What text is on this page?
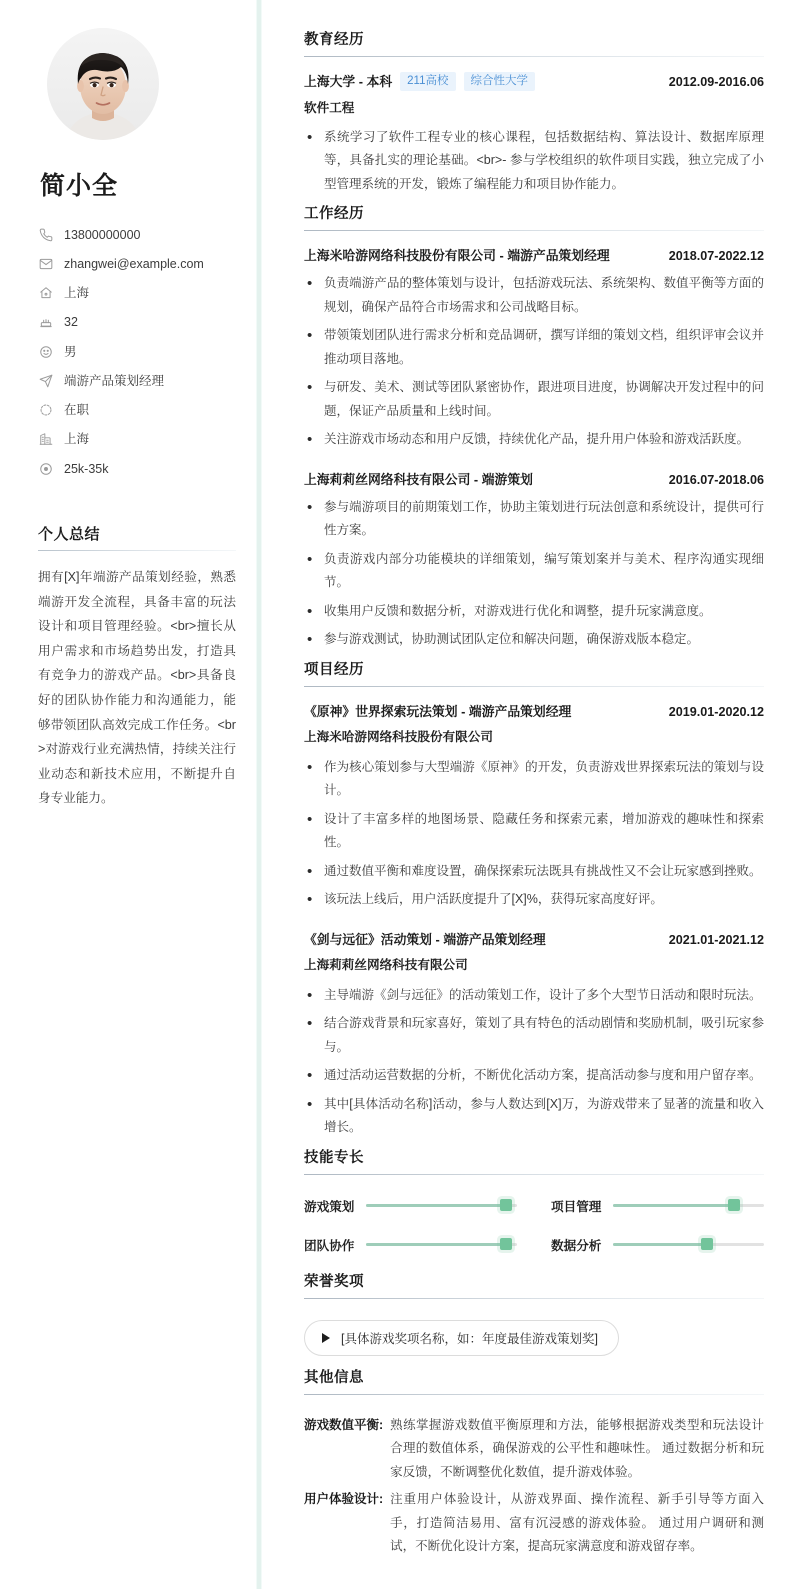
简小全
13800000000
zhangwei@example.com
上海
32
男
端游产品策划经理
在职
上海
25k-35k
个人总结

拥有[X]年端游产品策划经验，熟悉端游开发全流程，具备丰富的玩法设计和项目管理经验。<br>擅长从用户需求和市场趋势出发，打造具有竞争力的游戏产品。<br>具备良好的团队协作能力和沟通能力，能够带领团队高效完成工作任务。<br>对游戏行业充满热情，持续关注行业动态和新技术应用，不断提升自身专业能力。

教育经历
上海大学 - 本科	211高校	综合性大学	2012.09-2016.06
软件工程
• 系统学习了软件工程专业的核心课程，包括数据结构、算法设计、数据库原理等，具备扎实的理论基础。<br>- 参与学校组织的软件项目实践，独立完成了小型管理系统的开发，锻炼了编程能力和项目协作能力。
工作经历
上海米哈游网络科技股份有限公司 - 端游产品策划经理	2018.07-2022.12
• 负责端游产品的整体策划与设计，包括游戏玩法、系统架构、数值平衡等方面的规划，确保产品符合市场需求和公司战略目标。
• 带领策划团队进行需求分析和竞品调研，撰写详细的策划文档，组织评审会议并推动项目落地。
• 与研发、美术、测试等团队紧密协作，跟进项目进度，协调解决开发过程中的问题，保证产品质量和上线时间。
• 关注游戏市场动态和用户反馈，持续优化产品，提升用户体验和游戏活跃度。
上海莉莉丝网络科技有限公司 - 端游策划	2016.07-2018.06
• 参与端游项目的前期策划工作，协助主策划进行玩法创意和系统设计，提供可行性方案。
• 负责游戏内部分功能模块的详细策划，编写策划案并与美术、程序沟通实现细节。
• 收集用户反馈和数据分析，对游戏进行优化和调整，提升玩家满意度。
• 参与游戏测试，协助测试团队定位和解决问题，确保游戏版本稳定。
项目经历
《原神》世界探索玩法策划 - 端游产品策划经理	2019.01-2020.12
上海米哈游网络科技股份有限公司
• 作为核心策划参与大型端游《原神》的开发，负责游戏世界探索玩法的策划与设计。
• 设计了丰富多样的地图场景、隐藏任务和探索元素，增加游戏的趣味性和探索性。
• 通过数值平衡和难度设置，确保探索玩法既具有挑战性又不会让玩家感到挫败。
• 该玩法上线后，用户活跃度提升了[X]%，获得玩家高度好评。
《剑与远征》活动策划 - 端游产品策划经理	2021.01-2021.12
上海莉莉丝网络科技有限公司
• 主导端游《剑与远征》的活动策划工作，设计了多个大型节日活动和限时玩法。
• 结合游戏背景和玩家喜好，策划了具有特色的活动剧情和奖励机制，吸引玩家参与。
• 通过活动运营数据的分析，不断优化活动方案，提高活动参与度和用户留存率。
• 其中[具体活动名称]活动，参与人数达到[X]万，为游戏带来了显著的流量和收入增长。
技能专长
游戏策划	项目管理
团队协作	数据分析
荣誉奖项
[具体游戏奖项名称，如：年度最佳游戏策划奖]
其他信息
游戏数值平衡: 熟练掌握游戏数值平衡原理和方法，能够根据游戏类型和玩法设计合理的数值体系，确保游戏的公平性和趣味性。 通过数据分析和玩家反馈，不断调整优化数值，提升游戏体验。
用户体验设计: 注重用户体验设计，从游戏界面、操作流程、新手引导等方面入手，打造简洁易用、富有沉浸感的游戏体验。 通过用户调研和测试，不断优化设计方案，提高玩家满意度和游戏留存率。
